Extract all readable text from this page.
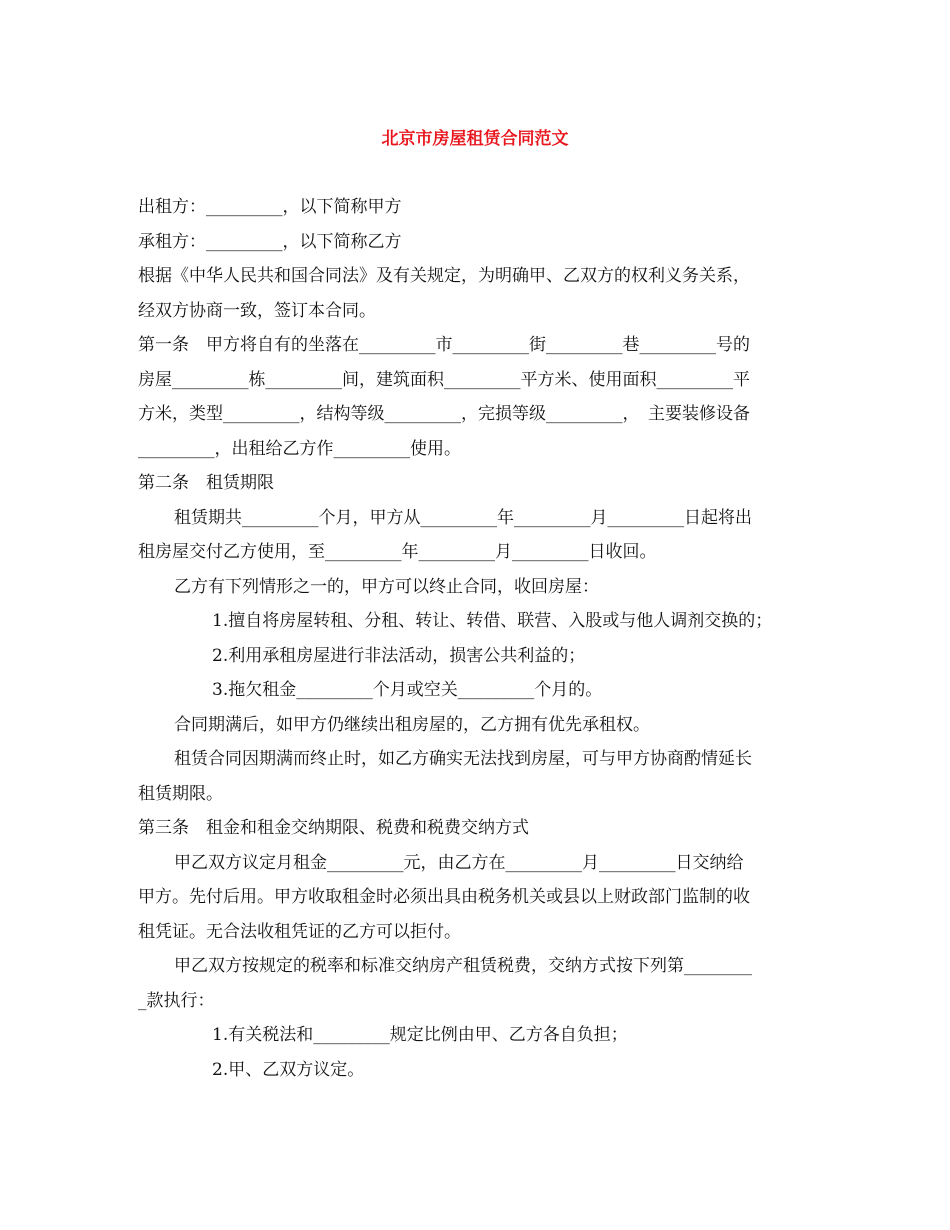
北京市房屋租赁合同范文
出租方：_________，以下简称甲方
承租方：_________，以下简称乙方
根据《中华人民共和国合同法》及有关规定，为明确甲、乙双方的权利义务关系，
经双方协商一致，签订本合同。
第一条　甲方将自有的坐落在_________市_________街_________巷_________号的
房屋_________栋_________间，建筑面积_________平方米、使用面积_________平
方米，类型_________，结构等级_________，完损等级_________，　主要装修设备
_________，出租给乙方作_________使用。
第二条　租赁期限
租赁期共_________个月，甲方从_________年_________月_________日起将出
租房屋交付乙方使用，至_________年_________月_________日收回。
乙方有下列情形之一的，甲方可以终止合同，收回房屋：
1.擅自将房屋转租、分租、转让、转借、联营、入股或与他人调剂交换的；
2.利用承租房屋进行非法活动，损害公共利益的；
3.拖欠租金_________个月或空关_________个月的。
合同期满后，如甲方仍继续出租房屋的，乙方拥有优先承租权。
租赁合同因期满而终止时，如乙方确实无法找到房屋，可与甲方协商酌情延长
租赁期限。
第三条　租金和租金交纳期限、税费和税费交纳方式
甲乙双方议定月租金_________元，由乙方在_________月_________日交纳给
甲方。先付后用。甲方收取租金时必须出具由税务机关或县以上财政部门监制的收
租凭证。无合法收租凭证的乙方可以拒付。
甲乙双方按规定的税率和标准交纳房产租赁税费，交纳方式按下列第________
_款执行：
1.有关税法和_________规定比例由甲、乙方各自负担；
2.甲、乙双方议定。
